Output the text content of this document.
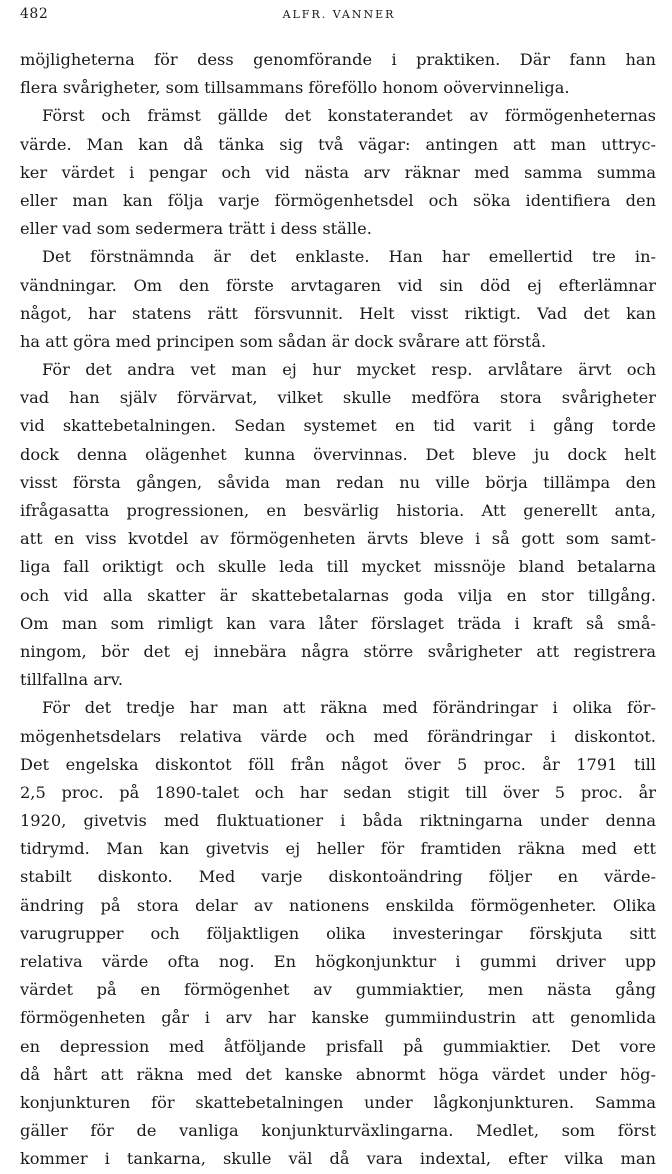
482	ALFR. VANNER
möjligheterna för dess genomförande i praktiken. Där fann han
flera svårigheter, som tillsammans föreföllo honom oövervinneliga.
Först och främst gällde det konstaterandet av förmögenheternas
värde. Man kan då tänka sig två vägar: antingen att man uttryc-
ker värdet i pengar och vid nästa arv räknar med samma summa
eller man kan följa varje förmögenhetsdel och söka identifiera den
eller vad som sedermera trätt i dess ställe.
Det förstnämnda är det enklaste. Han har emellertid tre in-
vändningar. Om den förste arvtagaren vid sin död ej efterlämnar
något, har statens rätt försvunnit. Helt visst riktigt. Vad det kan
ha att göra med principen som sådan är dock svårare att förstå.
För det andra vet man ej hur mycket resp. arvlåtare ärvt och
vad han själv förvärvat, vilket skulle medföra stora svårigheter
vid skattebetalningen. Sedan systemet en tid varit i gång torde
dock denna olägenhet kunna övervinnas. Det bleve ju dock helt
visst första gången, såvida man redan nu ville börja tillämpa den
ifrågasatta progressionen, en besvärlig historia. Att generellt anta,
att en viss kvotdel av förmögenheten ärvts bleve i så gott som samt-
liga fall oriktigt och skulle leda till mycket missnöje bland betalarna
och vid alla skatter är skattebetalarnas goda vilja en stor tillgång.
Om man som rimligt kan vara låter förslaget träda i kraft så små-
ningom, bör det ej innebära några större svårigheter att registrera
tillfallna arv.
För det tredje har man att räkna med förändringar i olika för-
mögenhetsdelars relativa värde och med förändringar i diskontot.
Det engelska diskontot föll från något över 5 proc. år 1791 till
2,5 proc. på 1890-talet och har sedan stigit till över 5 proc. år
1920, givetvis med fluktuationer i båda riktningarna under denna
tidrymd. Man kan givetvis ej heller för framtiden räkna med ett
stabilt diskonto. Med varje diskontoändring följer en värde-
ändring på stora delar av nationens enskilda förmögenheter. Olika
varugrupper och följaktligen olika investeringar förskjuta sitt
relativa värde ofta nog. En högkonjunktur i gummi driver upp
värdet på en förmögenhet av gummiaktier, men nästa gång
förmögenheten går i arv har kanske gummiindustrin att genomlida
en depression med åtföljande prisfall på gummiaktier. Det vore
då hårt att räkna med det kanske abnormt höga värdet under hög-
konjunkturen för skattebetalningen under lågkonjunkturen. Samma
gäller för de vanliga konjunkturväxlingarna. Medlet, som först
kommer i tankarna, skulle väl då vara indextal, efter vilka man
